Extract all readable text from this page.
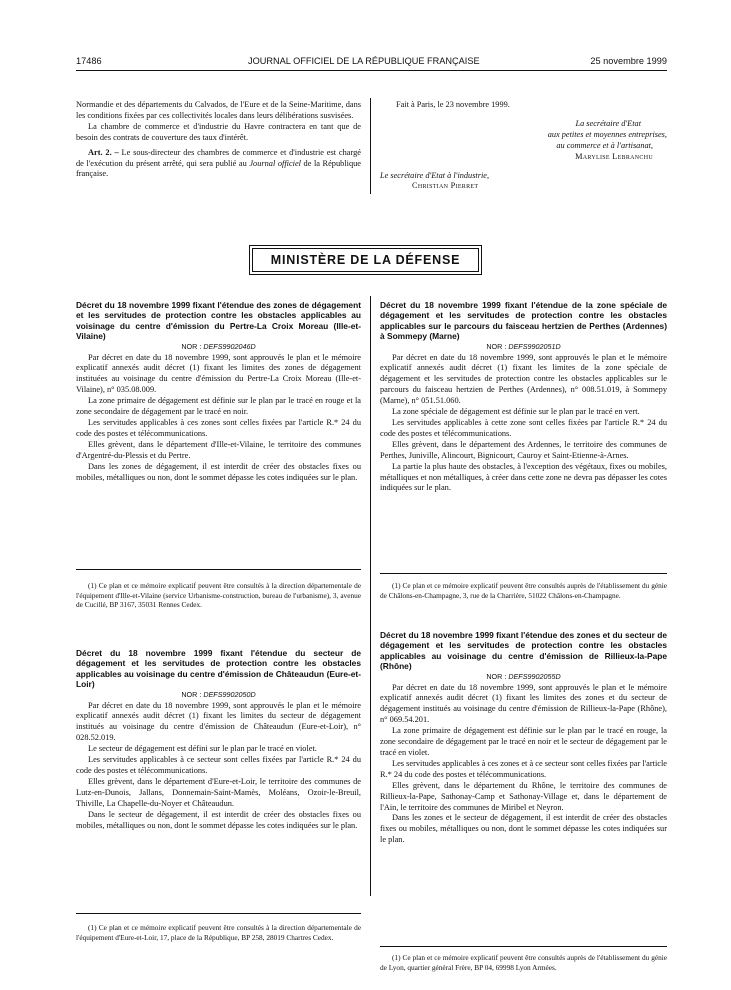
17486	JOURNAL OFFICIEL DE LA RÉPUBLIQUE FRANÇAISE	25 novembre 1999

Normandie et des départements du Calvados, de l'Eure et de la Seine-Maritime, dans les conditions fixées par ces collectivités locales dans leurs délibérations susvisées.

La chambre de commerce et d'industrie du Havre contractera en tant que de besoin des contrats de couverture des taux d'intérêt.

Art. 2. – Le sous-directeur des chambres de commerce et d'industrie est chargé de l'exécution du présent arrêté, qui sera publié au Journal officiel de la République française.

Fait à Paris, le 23 novembre 1999.
La secrétaire d'Etat
aux petites et moyennes entreprises,
au commerce et à l'artisanat,
Marylise Lebranchu
Le secrétaire d'Etat à l'industrie,
Christian Pierret
MINISTÈRE DE LA DÉFENSE

Décret du 18 novembre 1999 fixant l'étendue des zones de dégagement et les servitudes de protection contre les obstacles applicables au voisinage du centre d'émission du Pertre-La Croix Moreau (Ille-et-Vilaine)

NOR : DEFS9902046D

Par décret en date du 18 novembre 1999, sont approuvés le plan et le mémoire explicatif annexés audit décret (1) fixant les limites des zones de dégagement instituées au voisinage du centre d'émission du Pertre-La Croix Moreau (Ille-et-Vilaine), n° 035.08.009.

La zone primaire de dégagement est définie sur le plan par le tracé en rouge et la zone secondaire de dégagement par le tracé en noir.

Les servitudes applicables à ces zones sont celles fixées par l'article R.* 24 du code des postes et télécommunications.

Elles grèvent, dans le département d'Ille-et-Vilaine, le territoire des communes d'Argentré-du-Plessis et du Pertre.

Dans les zones de dégagement, il est interdit de créer des obstacles fixes ou mobiles, métalliques ou non, dont le sommet dépasse les cotes indiquées sur le plan.

(1) Ce plan et ce mémoire explicatif peuvent être consultés à la direction départementale de l'équipement d'Ille-et-Vilaine (service Urbanisme-construction, bureau de l'urbanisme), 3, avenue de Cucillé, BP 3167, 35031 Rennes Cedex.

Décret du 18 novembre 1999 fixant l'étendue du secteur de dégagement et les servitudes de protection contre les obstacles applicables au voisinage du centre d'émission de Châteaudun (Eure-et-Loir)

NOR : DEFS9902050D

Par décret en date du 18 novembre 1999, sont approuvés le plan et le mémoire explicatif annexés audit décret (1) fixant les limites du secteur de dégagement institués au voisinage du centre d'émission de Châteaudun (Eure-et-Loir), n° 028.52.019.

Le secteur de dégagement est défini sur le plan par le tracé en violet.

Les servitudes applicables à ce secteur sont celles fixées par l'article R.* 24 du code des postes et télécommunications.

Elles grèvent, dans le département d'Eure-et-Loir, le territoire des communes de Lutz-en-Dunois, Jallans, Donnemain-Saint-Mamès, Moléans, Ozoir-le-Breuil, Thiville, La Chapelle-du-Noyer et Châteaudun.

Dans le secteur de dégagement, il est interdit de créer des obstacles fixes ou mobiles, métalliques ou non, dont le sommet dépasse les cotes indiquées sur le plan.

(1) Ce plan et ce mémoire explicatif peuvent être consultés à la direction départementale de l'équipement d'Eure-et-Loir, 17, place de la République, BP 258, 28019 Chartres Cedex.

Décret du 18 novembre 1999 fixant l'étendue de la zone spéciale de dégagement et les servitudes de protection contre les obstacles applicables sur le parcours du faisceau hertzien de Perthes (Ardennes) à Sommepy (Marne)

NOR : DEFS9902051D

Par décret en date du 18 novembre 1999, sont approuvés le plan et le mémoire explicatif annexés audit décret (1) fixant les limites de la zone spéciale de dégagement et les servitudes de protection contre les obstacles applicables sur le parcours du faisceau hertzien de Perthes (Ardennes), n° 008.51.019, à Sommepy (Marne), n° 051.51.060.

La zone spéciale de dégagement est définie sur le plan par le tracé en vert.

Les servitudes applicables à cette zone sont celles fixées par l'article R.* 24 du code des postes et télécommunications.

Elles grèvent, dans le département des Ardennes, le territoire des communes de Perthes, Juniville, Alincourt, Bignicourt, Cauroy et Saint-Etienne-à-Arnes.

La partie la plus haute des obstacles, à l'exception des végétaux, fixes ou mobiles, métalliques et non métalliques, à créer dans cette zone ne devra pas dépasser les cotes indiquées sur le plan.

(1) Ce plan et ce mémoire explicatif peuvent être consultés auprès de l'établissement du génie de Châlons-en-Champagne, 3, rue de la Charrière, 51022 Châlons-en-Champagne.

Décret du 18 novembre 1999 fixant l'étendue des zones et du secteur de dégagement et les servitudes de protection contre les obstacles applicables au voisinage du centre d'émission de Rillieux-la-Pape (Rhône)

NOR : DEFS9902055D

Par décret en date du 18 novembre 1999, sont approuvés le plan et le mémoire explicatif annexés audit décret (1) fixant les limites des zones et du secteur de dégagement institués au voisinage du centre d'émission de Rillieux-la-Pape (Rhône), n° 069.54.201.

La zone primaire de dégagement est définie sur le plan par le tracé en rouge, la zone secondaire de dégagement par le tracé en noir et le secteur de dégagement par le tracé en violet.

Les servitudes applicables à ces zones et à ce secteur sont celles fixées par l'article R.* 24 du code des postes et télécommunications.

Elles grèvent, dans le département du Rhône, le territoire des communes de Rillieux-la-Pape, Sathonay-Camp et Sathonay-Village et, dans le département de l'Ain, le territoire des communes de Miribel et Neyron.

Dans les zones et le secteur de dégagement, il est interdit de créer des obstacles fixes ou mobiles, métalliques ou non, dont le sommet dépasse les cotes indiquées sur le plan.

(1) Ce plan et ce mémoire explicatif peuvent être consultés auprès de l'établissement du génie de Lyon, quartier général Frère, BP 04, 69998 Lyon Armées.
